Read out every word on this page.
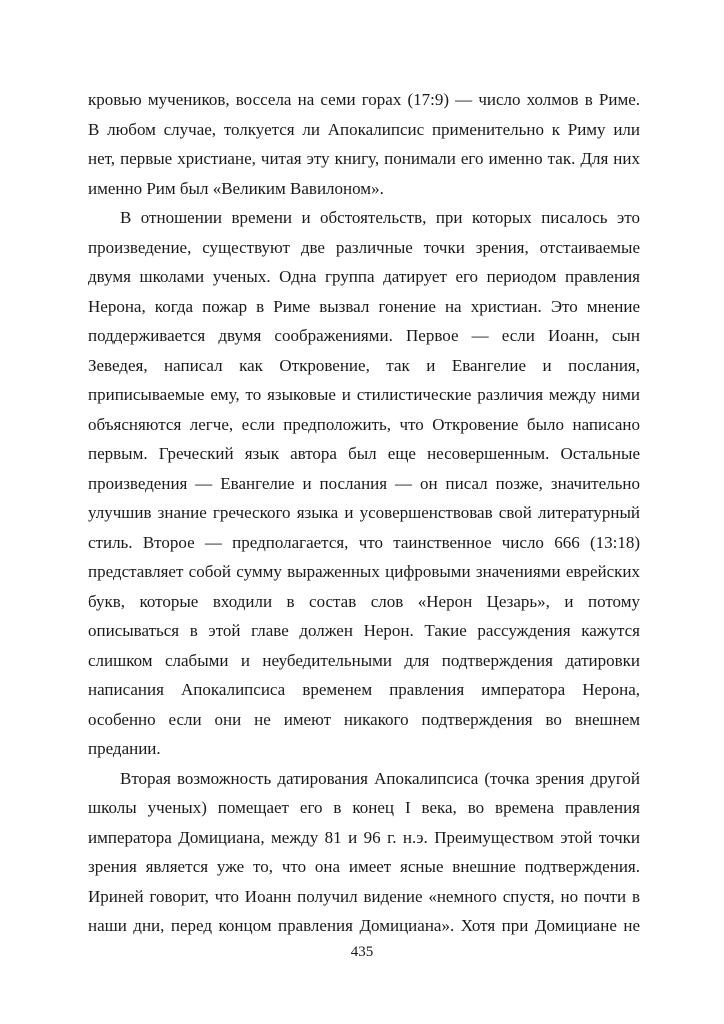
кровью мучеников, воссела на семи горах (17:9) — число холмов в Риме.
В любом случае, толкуется ли Апокалипсис применительно к Риму или
нет, первые христиане, читая эту книгу, понимали его именно так. Для них
именно Рим был «Великим Вавилоном».
В отношении времени и обстоятельств, при которых писалось это
произведение, существуют две различные точки зрения, отстаиваемые
двумя школами ученых. Одна группа датирует его периодом правления
Нерона, когда пожар в Риме вызвал гонение на христиан. Это мнение
поддерживается двумя соображениями. Первое — если Иоанн, сын
Зеведея, написал как Откровение, так и Евангелие и послания,
приписываемые ему, то языковые и стилистические различия между ними
объясняются легче, если предположить, что Откровение было написано
первым. Греческий язык автора был еще несовершенным. Остальные
произведения — Евангелие и послания — он писал позже, значительно
улучшив знание греческого языка и усовершенствовав свой литературный
стиль. Второе — предполагается, что таинственное число 666 (13:18)
представляет собой сумму выраженных цифровыми значениями еврейских
букв, которые входили в состав слов «Нерон Цезарь», и потому
описываться в этой главе должен Нерон. Такие рассуждения кажутся
слишком слабыми и неубедительными для подтверждения датировки
написания Апокалипсиса временем правления императора Нерона,
особенно если они не имеют никакого подтверждения во внешнем
предании.
Вторая возможность датирования Апокалипсиса (точка зрения другой
школы ученых) помещает его в конец I века, во времена правления
императора Домициана, между 81 и 96 г. н.э. Преимуществом этой точки
зрения является уже то, что она имеет ясные внешние подтверждения.
Ириней говорит, что Иоанн получил видение «немного спустя, но почти в
наши дни, перед концом правления Домициана». Хотя при Домициане не
435
